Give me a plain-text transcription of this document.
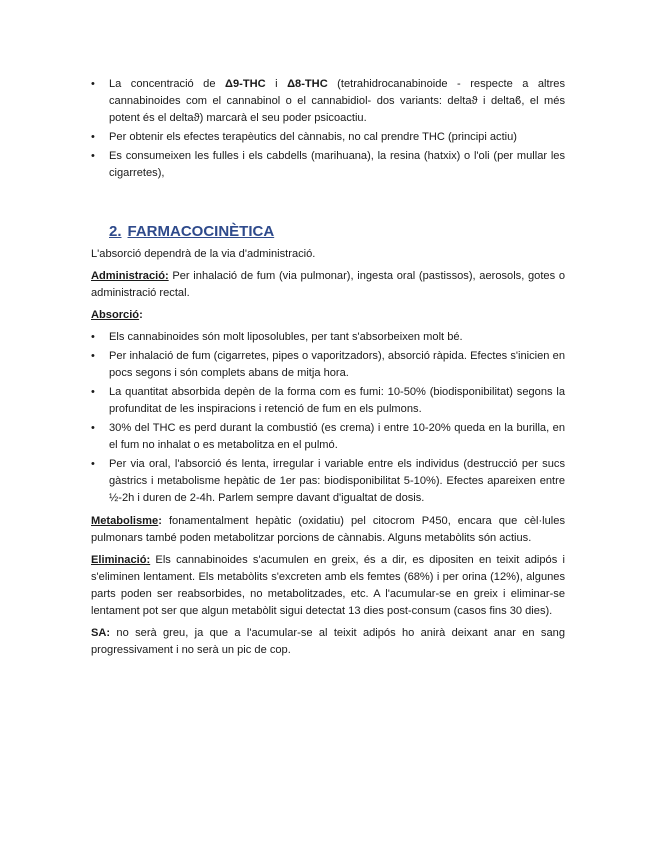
• La concentració de Δ9-THC i Δ8-THC (tetrahidrocanabinoide - respecte a altres cannabinoides com el cannabinol o el cannabidiol- dos variants: deltaϑ i deltaϐ, el més potent és el deltaϑ) marcarà el seu poder psicoactiu.
• Per obtenir els efectes terapèutics del cànnabis, no cal prendre THC (principi actiu)
• Es consumeixen les fulles i els cabdells (marihuana), la resina (hatxix) o l'oli (per mullar les cigarretes),
2. FARMACOCINÈTICA

L'absorció dependrà de la via d'administració.

Administració: Per inhalació de fum (via pulmonar), ingesta oral (pastissos), aerosols, gotes o administració rectal.

Absorció:

• Els cannabinoides són molt liposolubles, per tant s'absorbeixen molt bé.
• Per inhalació de fum (cigarretes, pipes o vaporitzadors), absorció ràpida. Efectes s'inicien en pocs segons i són complets abans de mitja hora.
• La quantitat absorbida depèn de la forma com es fumi: 10-50% (biodisponibilitat) segons la profunditat de les inspiracions i retenció de fum en els pulmons.
• 30% del THC es perd durant la combustió (es crema) i entre 10-20% queda en la burilla, en el fum no inhalat o es metabolitza en el pulmó.
• Per via oral, l'absorció és lenta, irregular i variable entre els individus (destrucció per sucs gàstrics i metabolisme hepàtic de 1er pas: biodisponibilitat 5-10%). Efectes apareixen entre ½-2h i duren de 2-4h. Parlem sempre davant d'igualtat de dosis.

Metabolisme: fonamentalment hepàtic (oxidatiu) pel citocrom P450, encara que cèl·lules pulmonars també poden metabolitzar porcions de cànnabis. Alguns metabòlits són actius.

Eliminació: Els cannabinoides s'acumulen en greix, és a dir, es dipositen en teixit adipós i s'eliminen lentament. Els metabòlits s'excreten amb els femtes (68%) i per orina (12%), algunes parts poden ser reabsorbides, no metabolitzades, etc. A l'acumular-se en greix i eliminar-se lentament pot ser que algun metabòlit sigui detectat 13 dies post-consum (casos fins 30 dies).

SA: no serà greu, ja que a l'acumular-se al teixit adipós ho anirà deixant anar en sang progressivament i no serà un pic de cop.
